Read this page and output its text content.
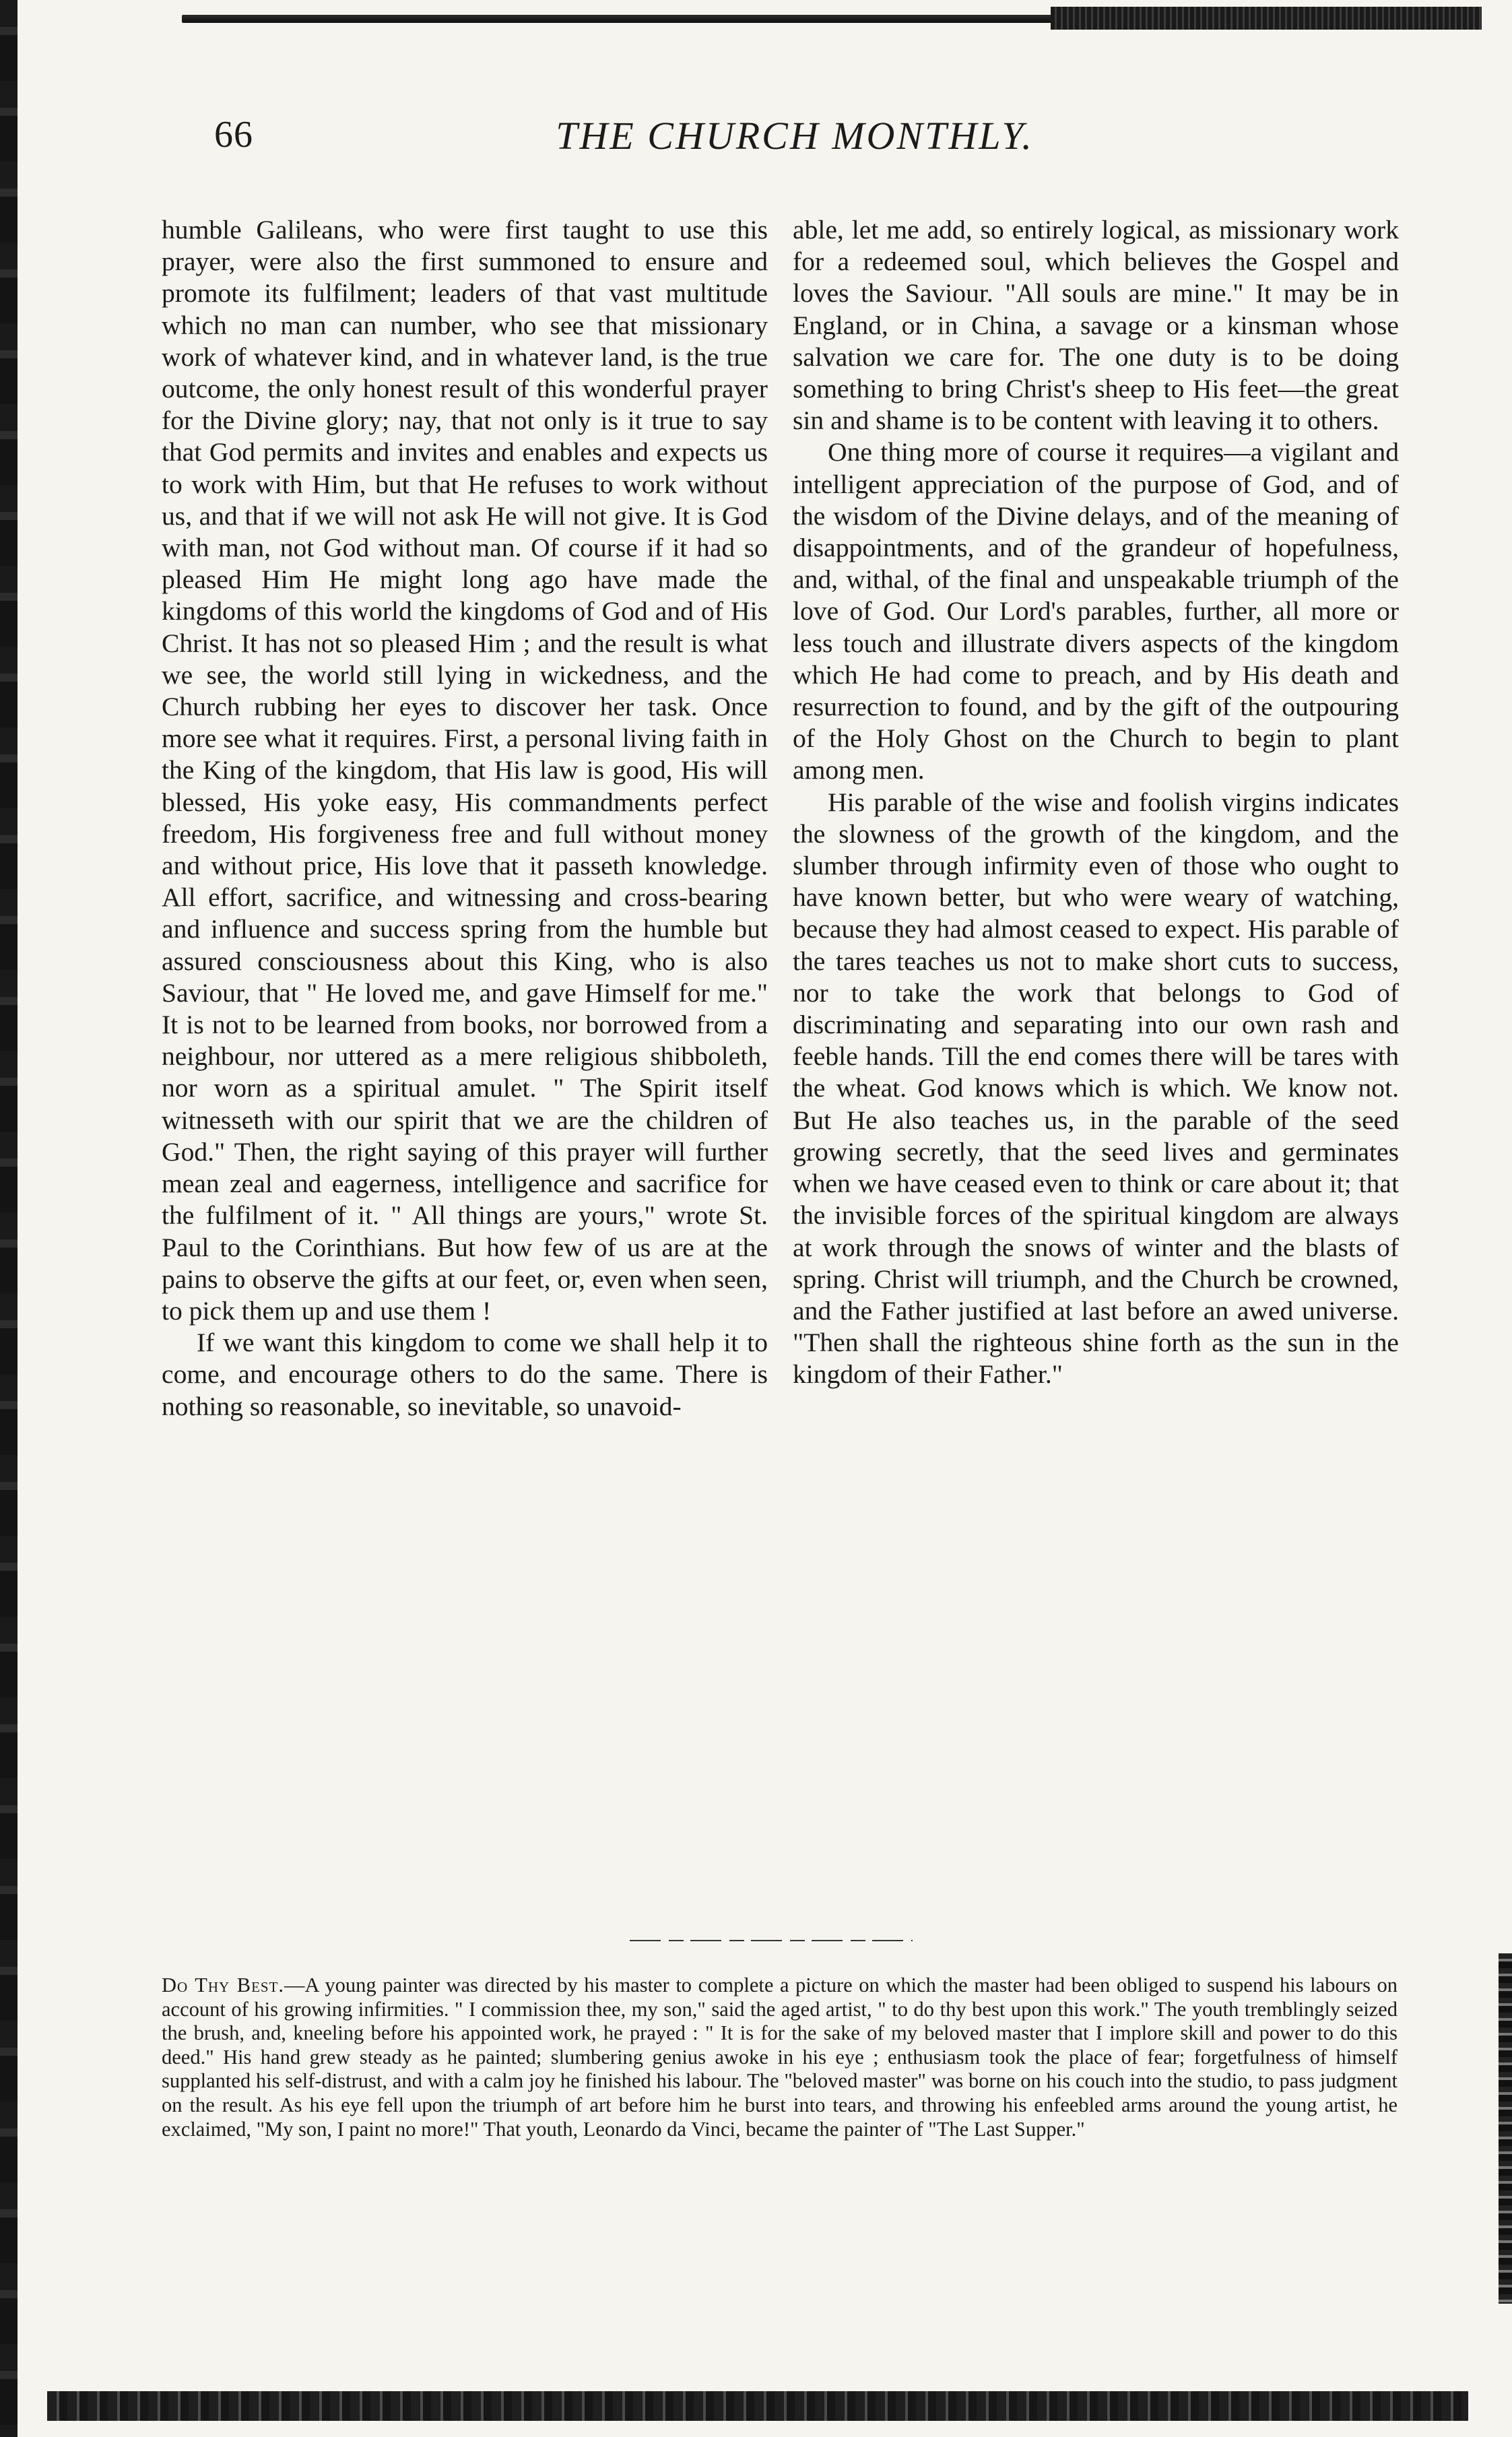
66	THE CHURCH MONTHLY.

humble Galileans, who were first taught to use this prayer, were also the first summoned to ensure and promote its fulfilment; leaders of that vast multitude which no man can number, who see that missionary work of whatever kind, and in whatever land, is the true outcome, the only honest result of this wonderful prayer for the Divine glory; nay, that not only is it true to say that God permits and invites and enables and expects us to work with Him, but that He refuses to work without us, and that if we will not ask He will not give. It is God with man, not God without man. Of course if it had so pleased Him He might long ago have made the kingdoms of this world the kingdoms of God and of His Christ. It has not so pleased Him ; and the result is what we see, the world still lying in wickedness, and the Church rubbing her eyes to discover her task. Once more see what it requires. First, a personal living faith in the King of the kingdom, that His law is good, His will blessed, His yoke easy, His commandments perfect freedom, His forgiveness free and full without money and without price, His love that it passeth knowledge. All effort, sacrifice, and witnessing and cross-bearing and influence and success spring from the humble but assured consciousness about this King, who is also Saviour, that " He loved me, and gave Himself for me." It is not to be learned from books, nor borrowed from a neighbour, nor uttered as a mere religious shibboleth, nor worn as a spiritual amulet. " The Spirit itself witnesseth with our spirit that we are the children of God." Then, the right saying of this prayer will further mean zeal and eagerness, intelligence and sacrifice for the fulfilment of it. " All things are yours," wrote St. Paul to the Corinthians. But how few of us are at the pains to observe the gifts at our feet, or, even when seen, to pick them up and use them !

If we want this kingdom to come we shall help it to come, and encourage others to do the same. There is nothing so reasonable, so inevitable, so unavoid-

able, let me add, so entirely logical, as missionary work for a redeemed soul, which believes the Gospel and loves the Saviour. "All souls are mine." It may be in England, or in China, a savage or a kinsman whose salvation we care for. The one duty is to be doing something to bring Christ's sheep to His feet—the great sin and shame is to be content with leaving it to others.

One thing more of course it requires—a vigilant and intelligent appreciation of the purpose of God, and of the wisdom of the Divine delays, and of the meaning of disappointments, and of the grandeur of hopefulness, and, withal, of the final and unspeakable triumph of the love of God. Our Lord's parables, further, all more or less touch and illustrate divers aspects of the kingdom which He had come to preach, and by His death and resurrection to found, and by the gift of the outpouring of the Holy Ghost on the Church to begin to plant among men.

His parable of the wise and foolish virgins indicates the slowness of the growth of the kingdom, and the slumber through infirmity even of those who ought to have known better, but who were weary of watching, because they had almost ceased to expect. His parable of the tares teaches us not to make short cuts to success, nor to take the work that belongs to God of discriminating and separating into our own rash and feeble hands. Till the end comes there will be tares with the wheat. God knows which is which. We know not. But He also teaches us, in the parable of the seed growing secretly, that the seed lives and germinates when we have ceased even to think or care about it; that the invisible forces of the spiritual kingdom are always at work through the snows of winter and the blasts of spring. Christ will triumph, and the Church be crowned, and the Father justified at last before an awed universe. "Then shall the righteous shine forth as the sun in the kingdom of their Father."

Do Thy Best.—A young painter was directed by his master to complete a picture on which the master had been obliged to suspend his labours on account of his growing infirmities. " I commission thee, my son," said the aged artist, " to do thy best upon this work." The youth tremblingly seized the brush, and, kneeling before his appointed work, he prayed : " It is for the sake of my beloved master that I implore skill and power to do this deed." His hand grew steady as he painted; slumbering genius awoke in his eye ; enthusiasm took the place of fear; forgetfulness of himself supplanted his self-distrust, and with a calm joy he finished his labour. The "beloved master" was borne on his couch into the studio, to pass judgment on the result. As his eye fell upon the triumph of art before him he burst into tears, and throwing his enfeebled arms around the young artist, he exclaimed, "My son, I paint no more!" That youth, Leonardo da Vinci, became the painter of "The Last Supper."
